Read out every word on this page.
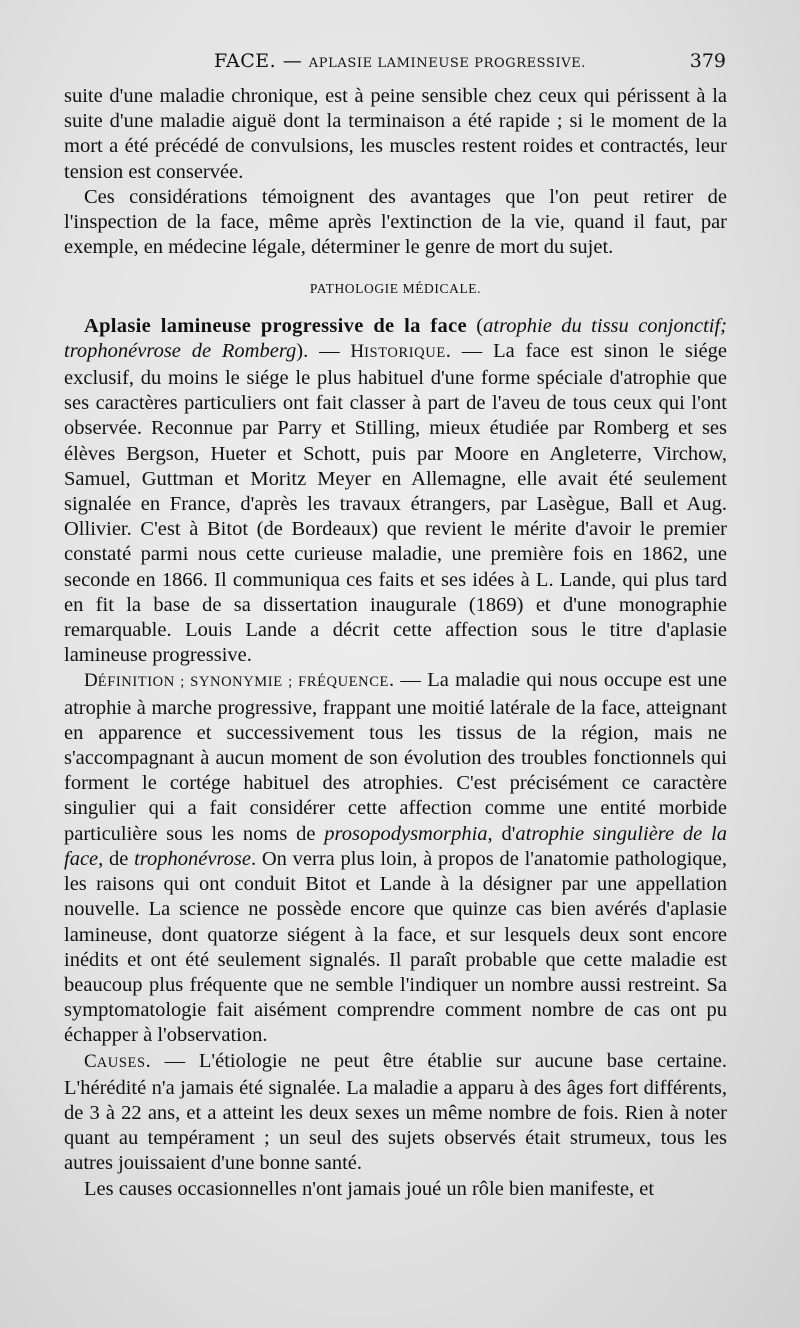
FACE. — APLASIE LAMINEUSE PROGRESSIVE.	379

suite d'une maladie chronique, est à peine sensible chez ceux qui périssent à la suite d'une maladie aiguë dont la terminaison a été rapide ; si le moment de la mort a été précédé de convulsions, les muscles restent roides et contractés, leur tension est conservée.

Ces considérations témoignent des avantages que l'on peut retirer de l'inspection de la face, même après l'extinction de la vie, quand il faut, par exemple, en médecine légale, déterminer le genre de mort du sujet.

PATHOLOGIE MÉDICALE.

Aplasie lamineuse progressive de la face (atrophie du tissu conjonctif; trophonévrose de Romberg). — HISTORIQUE. — La face est sinon le siége exclusif, du moins le siége le plus habituel d'une forme spéciale d'atrophie que ses caractères particuliers ont fait classer à part de l'aveu de tous ceux qui l'ont observée. Reconnue par Parry et Stilling, mieux étudiée par Romberg et ses élèves Bergson, Hueter et Schott, puis par Moore en Angleterre, Virchow, Samuel, Guttman et Moritz Meyer en Allemagne, elle avait été seulement signalée en France, d'après les travaux étrangers, par Lasègue, Ball et Aug. Ollivier. C'est à Bitot (de Bordeaux) que revient le mérite d'avoir le premier constaté parmi nous cette curieuse maladie, une première fois en 1862, une seconde en 1866. Il communiqua ces faits et ses idées à L. Lande, qui plus tard en fit la base de sa dissertation inaugurale (1869) et d'une monographie remarquable. Louis Lande a décrit cette affection sous le titre d'aplasie lamineuse progressive.

DÉFINITION ; SYNONYMIE ; FRÉQUENCE. — La maladie qui nous occupe est une atrophie à marche progressive, frappant une moitié latérale de la face, atteignant en apparence et successivement tous les tissus de la région, mais ne s'accompagnant à aucun moment de son évolution des troubles fonctionnels qui forment le cortége habituel des atrophies. C'est précisément ce caractère singulier qui a fait considérer cette affection comme une entité morbide particulière sous les noms de prosopodysmorphia, d'atrophie singulière de la face, de trophonévrose. On verra plus loin, à propos de l'anatomie pathologique, les raisons qui ont conduit Bitot et Lande à la désigner par une appellation nouvelle. La science ne possède encore que quinze cas bien avérés d'aplasie lamineuse, dont quatorze siégent à la face, et sur lesquels deux sont encore inédits et ont été seulement signalés. Il paraît probable que cette maladie est beaucoup plus fréquente que ne semble l'indiquer un nombre aussi restreint. Sa symptomatologie fait aisément comprendre comment nombre de cas ont pu échapper à l'observation.

CAUSES. — L'étiologie ne peut être établie sur aucune base certaine. L'hérédité n'a jamais été signalée. La maladie a apparu à des âges fort différents, de 3 à 22 ans, et a atteint les deux sexes un même nombre de fois. Rien à noter quant au tempérament ; un seul des sujets observés était strumeux, tous les autres jouissaient d'une bonne santé.

Les causes occasionnelles n'ont jamais joué un rôle bien manifeste, et
